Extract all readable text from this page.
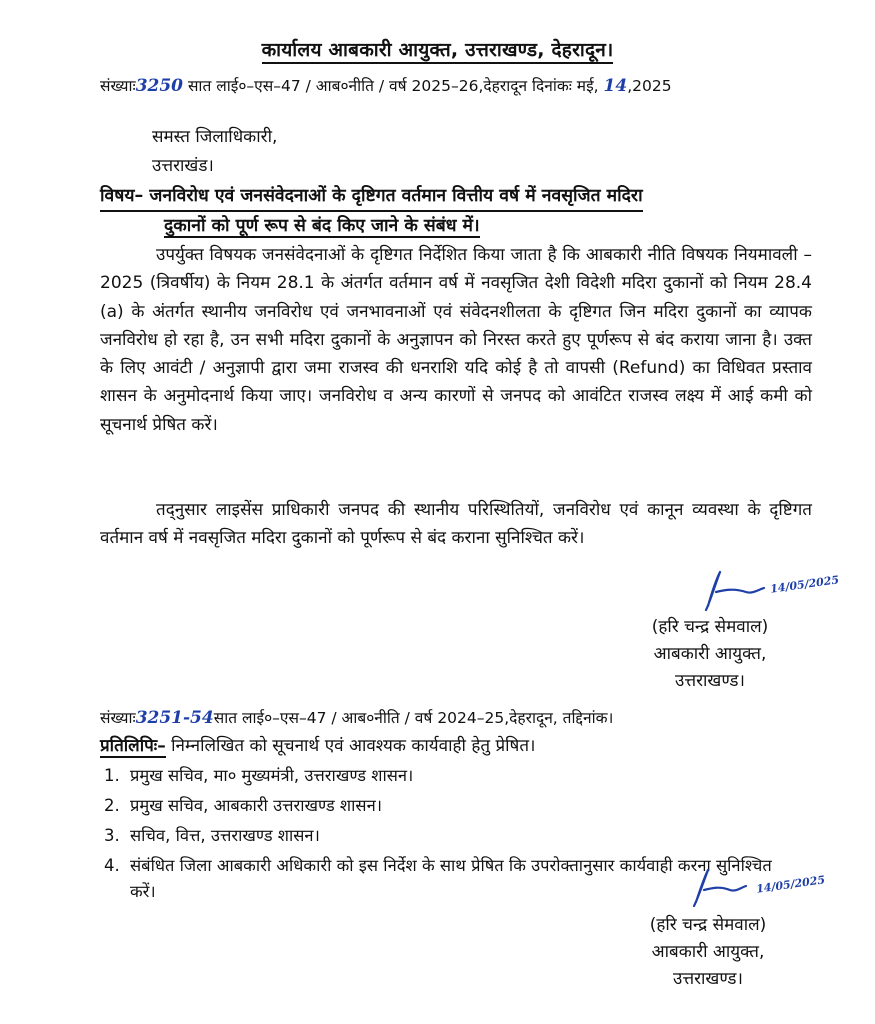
कार्यालय आबकारी आयुक्त, उत्तराखण्ड, देहरादून।
संख्याः3250 सात लाई०–एस–47 / आब०नीति / वर्ष 2025–26,देहरादून दिनांकः मई, 14,2025
समस्त जिलाधिकारी,
उत्तराखंड।
विषय– जनविरोध एवं जनसंवेदनाओं के दृष्टिगत वर्तमान वित्तीय वर्ष में नवसृजित मदिरा
दुकानों को पूर्ण रूप से बंद किए जाने के संबंध में।
उपर्युक्त विषयक जनसंवेदनाओं के दृष्टिगत निर्देशित किया जाता है कि आबकारी नीति विषयक नियमावली – 2025 (त्रिवर्षीय) के नियम 28.1 के अंतर्गत वर्तमान वर्ष में नवसृजित देशी विदेशी मदिरा दुकानों को नियम 28.4 (a) के अंतर्गत स्थानीय जनविरोध एवं जनभावनाओं एवं संवेदनशीलता के दृष्टिगत जिन मदिरा दुकानों का व्यापक जनविरोध हो रहा है, उन सभी मदिरा दुकानों के अनुज्ञापन को निरस्त करते हुए पूर्णरूप से बंद कराया जाना है। उक्त के लिए आवंटी / अनुज्ञापी द्वारा जमा राजस्व की धनराशि यदि कोई है तो वापसी (Refund) का विधिवत प्रस्ताव शासन के अनुमोदनार्थ किया जाए। जनविरोध व अन्य कारणों से जनपद को आवंटित राजस्व लक्ष्य में आई कमी को सूचनार्थ प्रेषित करें।
तद्नुसार लाइसेंस प्राधिकारी जनपद की स्थानीय परिस्थितियों, जनविरोध एवं कानून व्यवस्था के दृष्टिगत वर्तमान वर्ष में नवसृजित मदिरा दुकानों को पूर्णरूप से बंद कराना सुनिश्चित करें।
14/05/2025
(हरि चन्द्र सेमवाल)
आबकारी आयुक्त,
उत्तराखण्ड।
संख्याः3251-54सात लाई०–एस–47 / आब०नीति / वर्ष 2024–25,देहरादून, तद्दिनांक।
प्रतिलिपिः– निम्नलिखित को सूचनार्थ एवं आवश्यक कार्यवाही हेतु प्रेषित।
1. प्रमुख सचिव, मा० मुख्यमंत्री, उत्तराखण्ड शासन।
2. प्रमुख सचिव, आबकारी उत्तराखण्ड शासन।
3. सचिव, वित्त, उत्तराखण्ड शासन।
4. संबंधित जिला आबकारी अधिकारी को इस निर्देश के साथ प्रेषित कि उपरोक्तानुसार कार्यवाही करना सुनिश्चित करें।	14/05/2025
(हरि चन्द्र सेमवाल)
आबकारी आयुक्त,
उत्तराखण्ड।
